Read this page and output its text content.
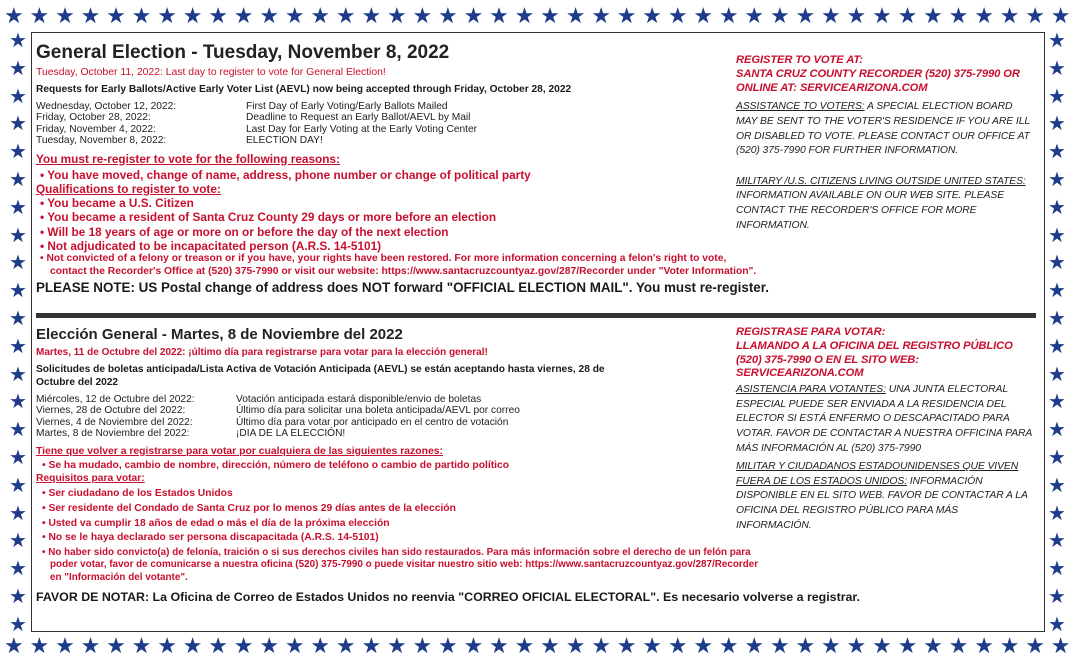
★ ★ ★ ★ ★ ★ ★ ★ ★ ★ ★ ★ ★ ★ ★ ★ ★ ★ ★ ★ ★ ★ ★ ★ ★ ★ ★ ★ ★ ★ ★ ★ ★ ★ ★ ★ ★ ★ ★ ★ ★ ★
★ ★ ★ ★ ★ ★ ★ ★ ★ ★ ★ ★ ★ ★ ★ ★ ★ ★ ★ ★ ★ ★ ★ ★ ★ ★ ★ ★ ★ ★ ★ ★ ★ ★ ★ ★ ★ ★ ★ ★ ★ ★
★
★
★
★
★
★
★
★
★
★
★
★
★
★
★
★
★
★
★
★
★
★
★
★
★
★
★
★
★
★
★
★
★
★
★
★
★
★
★
★
★
★
★
★
General Election - Tuesday, November 8, 2022
Tuesday, October 11, 2022: Last day to register to vote for General Election!
Requests for Early Ballots/Active Early Voter List (AEVL) now being accepted through Friday, October 28, 2022
Wednesday, October 12, 2022:	First Day of Early Voting/Early Ballots Mailed
Friday, October 28, 2022:	Deadline to Request an Early Ballot/AEVL by Mail
Friday, November 4, 2022:	Last Day for Early Voting at the Early Voting Center
Tuesday, November 8, 2022:	ELECTION DAY!
You must re-register to vote for the following reasons:
• You have moved, change of name, address, phone number or change of political party
Qualifications to register to vote:
• You became a U.S. Citizen
• You became a resident of Santa Cruz County 29 days or more before an election
• Will be 18 years of age or more on or before the day of the next election
• Not adjudicated to be incapacitated person (A.R.S. 14-5101)
• Not convicted of a felony or treason or if you have, your rights have been restored. For more information concerning a felon's right to vote,
contact the Recorder's Office at (520) 375-7990 or visit our website: https://www.santacruzcountyaz.gov/287/Recorder under "Voter Information".
PLEASE NOTE: US Postal change of address does NOT forward "OFFICIAL ELECTION MAIL". You must re-register.
REGISTER TO VOTE AT:
SANTA CRUZ COUNTY RECORDER (520) 375-7990 OR
ONLINE AT: SERVICEARIZONA.COM
ASSISTANCE TO VOTERS: A SPECIAL ELECTION BOARD MAY BE SENT TO THE VOTER'S RESIDENCE IF YOU ARE ILL OR DISABLED TO VOTE. PLEASE CONTACT OUR OFFICE AT (520) 375-7990 FOR FURTHER INFORMATION.
MILITARY /U.S. CITIZENS LIVING OUTSIDE UNITED STATES: INFORMATION AVAILABLE ON OUR WEB SITE. PLEASE CONTACT THE RECORDER'S OFFICE FOR MORE INFORMATION.
Elección General - Martes, 8 de Noviembre del 2022
Martes, 11 de Octubre del 2022: ¡último día para registrarse para votar para la elección general!
Solicitudes de boletas anticipada/Lista Activa de Votación Anticipada (AEVL) se están aceptando hasta viernes, 28 de Octubre del 2022
Miércoles, 12 de Octubre del 2022:	Votación anticipada estará disponible/envio de boletas
Viernes, 28 de Octubre del 2022:	Último día para solicitar una boleta anticipada/AEVL por correo
Viernes, 4 de Noviembre del 2022:	Último día para votar por anticipado en el centro de votación
Martes, 8 de Noviembre del 2022:	¡DIA DE LA ELECCIÓN!
Tiene que volver a registrarse para votar por cualquiera de las siguientes razones:
• Se ha mudado, cambio de nombre, dirección, número de teléfono o cambio de partido político
Requisitos para votar:
• Ser ciudadano de los Estados Unidos
• Ser residente del Condado de Santa Cruz por lo menos 29 días antes de la elección
• Usted va cumplir 18 años de edad o más el día de la próxima elección
• No se le haya declarado ser persona discapacitada (A.R.S. 14-5101)
• No haber sido convicto(a) de felonía, traición o si sus derechos civiles han sido restaurados. Para más información sobre el derecho de un felón para
poder votar, favor de comunicarse a nuestra oficina (520) 375-7990 o puede visitar nuestro sitio web: https://www.santacruzcountyaz.gov/287/Recorder
en "Información del votante".
FAVOR DE NOTAR: La Oficina de Correo de Estados Unidos no reenvia "CORREO OFICIAL ELECTORAL". Es necesario volverse a registrar.
REGISTRASE PARA VOTAR:
LLAMANDO A LA OFICINA DEL REGISTRO PÚBLICO
(520) 375-7990 O EN EL SITO WEB:
SERVICEARIZONA.COM
ASISTENCIA PARA VOTANTES: UNA JUNTA ELECTORAL ESPECIAL PUEDE SER ENVIADA A LA RESIDENCIA DEL ELECTOR SI ESTÁ ENFERMO O DESCAPACITADO PARA VOTAR. FAVOR DE CONTACTAR A NUESTRA OFFICINA PARA MÁS INFORMACIÓN AL (520) 375-7990
MILITAR Y CIUDADANOS ESTADOUNIDENSES QUE VIVEN FUERA DE LOS ESTADOS UNIDOS: INFORMACIÓN DISPONIBLE EN EL SITO WEB. FAVOR DE CONTACTAR A LA OFICINA DEL REGISTRO PÚBLICO PARA MÁS INFORMACIÓN.
